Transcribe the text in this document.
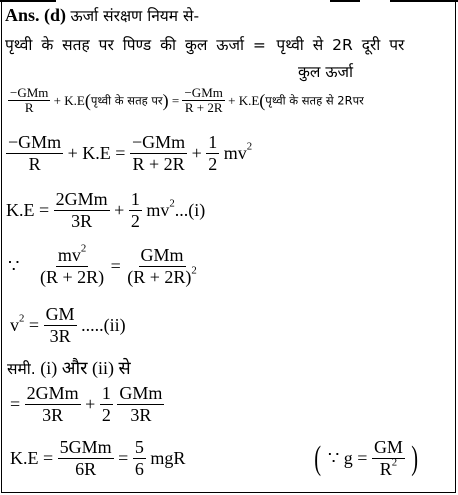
Ans. (d) ऊर्जा संरक्षण नियम से-
पृथ्वी के सतह पर पिण्ड की कुल ऊर्जा = पृथ्वी से 2R दूरी पर
कुल ऊर्जा
$\frac{\text{−GMm}}{R}$ + K.E(पृथ्वी के सतह पर) = $\frac{\text{−GMm}}{R + 2R}$ + K.E(पृथ्वी के सतह से 2Rपर
$\frac{\text{−GMm}}{R} + K.E = \frac{\text{−GMm}}{R + 2R} + \frac{1}{2} mv^2$
$K.E = \frac{\text{2GMm}}{3R} + \frac{1}{2} mv^2...(i)$
∵ $\frac{mv^2}{(R + 2R)} = \frac{\text{GMm}}{(R + 2R)^2}$
$v^2 = \frac{GM}{3R} .....(ii)$
समी. (i) और (ii) से
= $\frac{\text{2GMm}}{3R} + \frac{1}{2}$
$\frac{\text{GMm}}{3R}$
$K.E = \frac{\text{5GMm}}{6R} = \frac{5}{6}$ mgR	( ∵ $g = \frac{GM}{R^2}$ )
